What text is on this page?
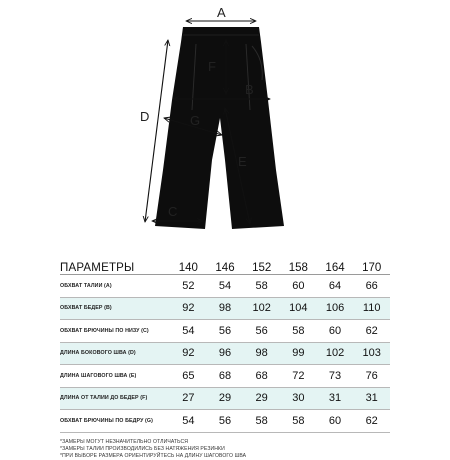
A
F
B
D	G
E
C
ПАРАМЕТРЫ	140	146	152	158	164	170
ОБХВАТ ТАЛИИ (A)	52	54	58	60	64	66
ОБХВАТ БЕДЕР (B)	92	98	102	104	106	110
ОБХВАТ БРЮЧИНЫ ПО НИЗУ (C)	54	56	56	58	60	62
ДЛИНА БОКОВОГО ШВА (D)	92	96	98	99	102	103
ДЛИНА ШАГОВОГО ШВА (E)	65	68	68	72	73	76
ДЛИНА ОТ ТАЛИИ ДО БЕДЕР (F)	27	29	29	30	31	31
ОБХВАТ БРЮЧИНЫ ПО БЕДРУ (G)	54	56	58	58	60	62
*ЗАМЕРЫ МОГУТ НЕЗНАЧИТЕЛЬНО ОТЛИЧАТЬСЯ
*ЗАМЕРЫ ТАЛИИ ПРОИЗВОДИЛИСЬ БЕЗ НАТЯЖЕНИЯ РЕЗИНКИ
*ПРИ ВЫБОРЕ РАЗМЕРА ОРИЕНТИРУЙТЕСЬ НА ДЛИНУ ШАГОВОГО ШВА
